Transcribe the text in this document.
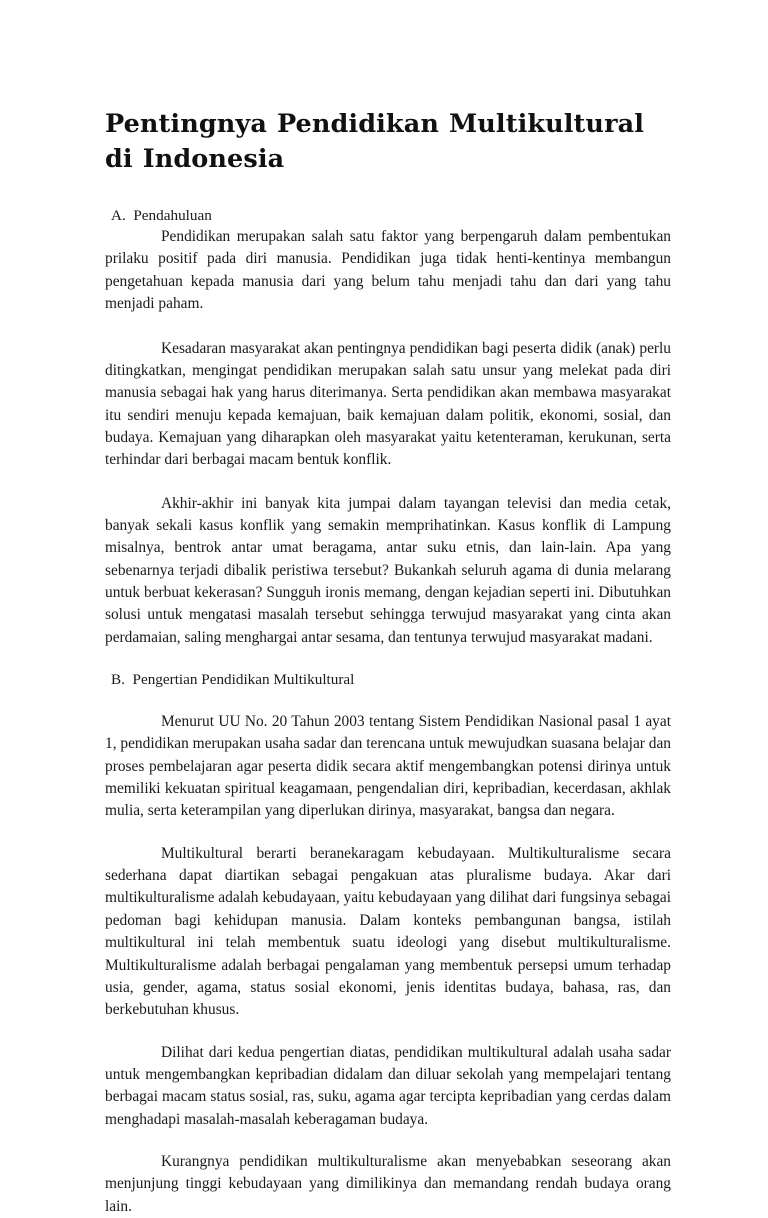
Pentingnya Pendidikan Multikultural di Indonesia
A.  Pendahuluan

Pendidikan merupakan salah satu faktor yang berpengaruh dalam pembentukan prilaku positif pada diri manusia. Pendidikan juga tidak henti-kentinya membangun pengetahuan kepada manusia dari yang belum tahu menjadi tahu dan dari yang tahu menjadi paham.

Kesadaran masyarakat akan pentingnya pendidikan bagi peserta didik (anak) perlu ditingkatkan, mengingat pendidikan merupakan salah satu unsur yang melekat pada diri manusia sebagai hak yang harus diterimanya. Serta pendidikan akan membawa masyarakat itu sendiri menuju kepada kemajuan, baik kemajuan dalam politik, ekonomi, sosial, dan budaya. Kemajuan yang diharapkan oleh masyarakat yaitu ketenteraman, kerukunan, serta terhindar dari berbagai macam bentuk konflik.

Akhir-akhir ini banyak kita jumpai dalam tayangan televisi dan media cetak, banyak sekali kasus konflik yang semakin memprihatinkan. Kasus konflik di Lampung misalnya, bentrok antar umat beragama, antar suku etnis, dan lain-lain. Apa yang sebenarnya terjadi dibalik peristiwa tersebut? Bukankah seluruh agama di dunia melarang untuk berbuat kekerasan? Sungguh ironis memang, dengan kejadian seperti ini. Dibutuhkan solusi untuk mengatasi masalah tersebut sehingga terwujud masyarakat yang cinta akan perdamaian, saling menghargai antar sesama, dan tentunya terwujud masyarakat madani.

B.  Pengertian Pendidikan Multikultural

Menurut UU No. 20 Tahun 2003 tentang Sistem Pendidikan Nasional pasal 1 ayat 1, pendidikan merupakan usaha sadar dan terencana untuk mewujudkan suasana belajar dan proses pembelajaran agar peserta didik secara aktif mengembangkan potensi dirinya untuk memiliki kekuatan spiritual keagamaan, pengendalian diri, kepribadian, kecerdasan, akhlak mulia, serta keterampilan yang diperlukan dirinya, masyarakat, bangsa dan negara.

Multikultural berarti beranekaragam kebudayaan. Multikulturalisme secara sederhana dapat diartikan sebagai pengakuan atas pluralisme budaya. Akar dari multikulturalisme adalah kebudayaan, yaitu kebudayaan yang dilihat dari fungsinya sebagai pedoman bagi kehidupan manusia. Dalam konteks pembangunan bangsa, istilah multikultural ini telah membentuk suatu ideologi yang disebut multikulturalisme. Multikulturalisme adalah berbagai pengalaman yang membentuk persepsi umum terhadap usia, gender, agama, status sosial ekonomi, jenis identitas budaya, bahasa, ras, dan berkebutuhan khusus.

Dilihat dari kedua pengertian diatas, pendidikan multikultural adalah usaha sadar untuk mengembangkan kepribadian didalam dan diluar sekolah yang mempelajari tentang berbagai macam status sosial, ras, suku, agama agar tercipta kepribadian yang cerdas dalam menghadapi masalah-masalah keberagaman budaya.

Kurangnya pendidikan multikulturalisme akan menyebabkan seseorang akan menjunjung tinggi kebudayaan yang dimilikinya dan memandang rendah budaya orang lain.
